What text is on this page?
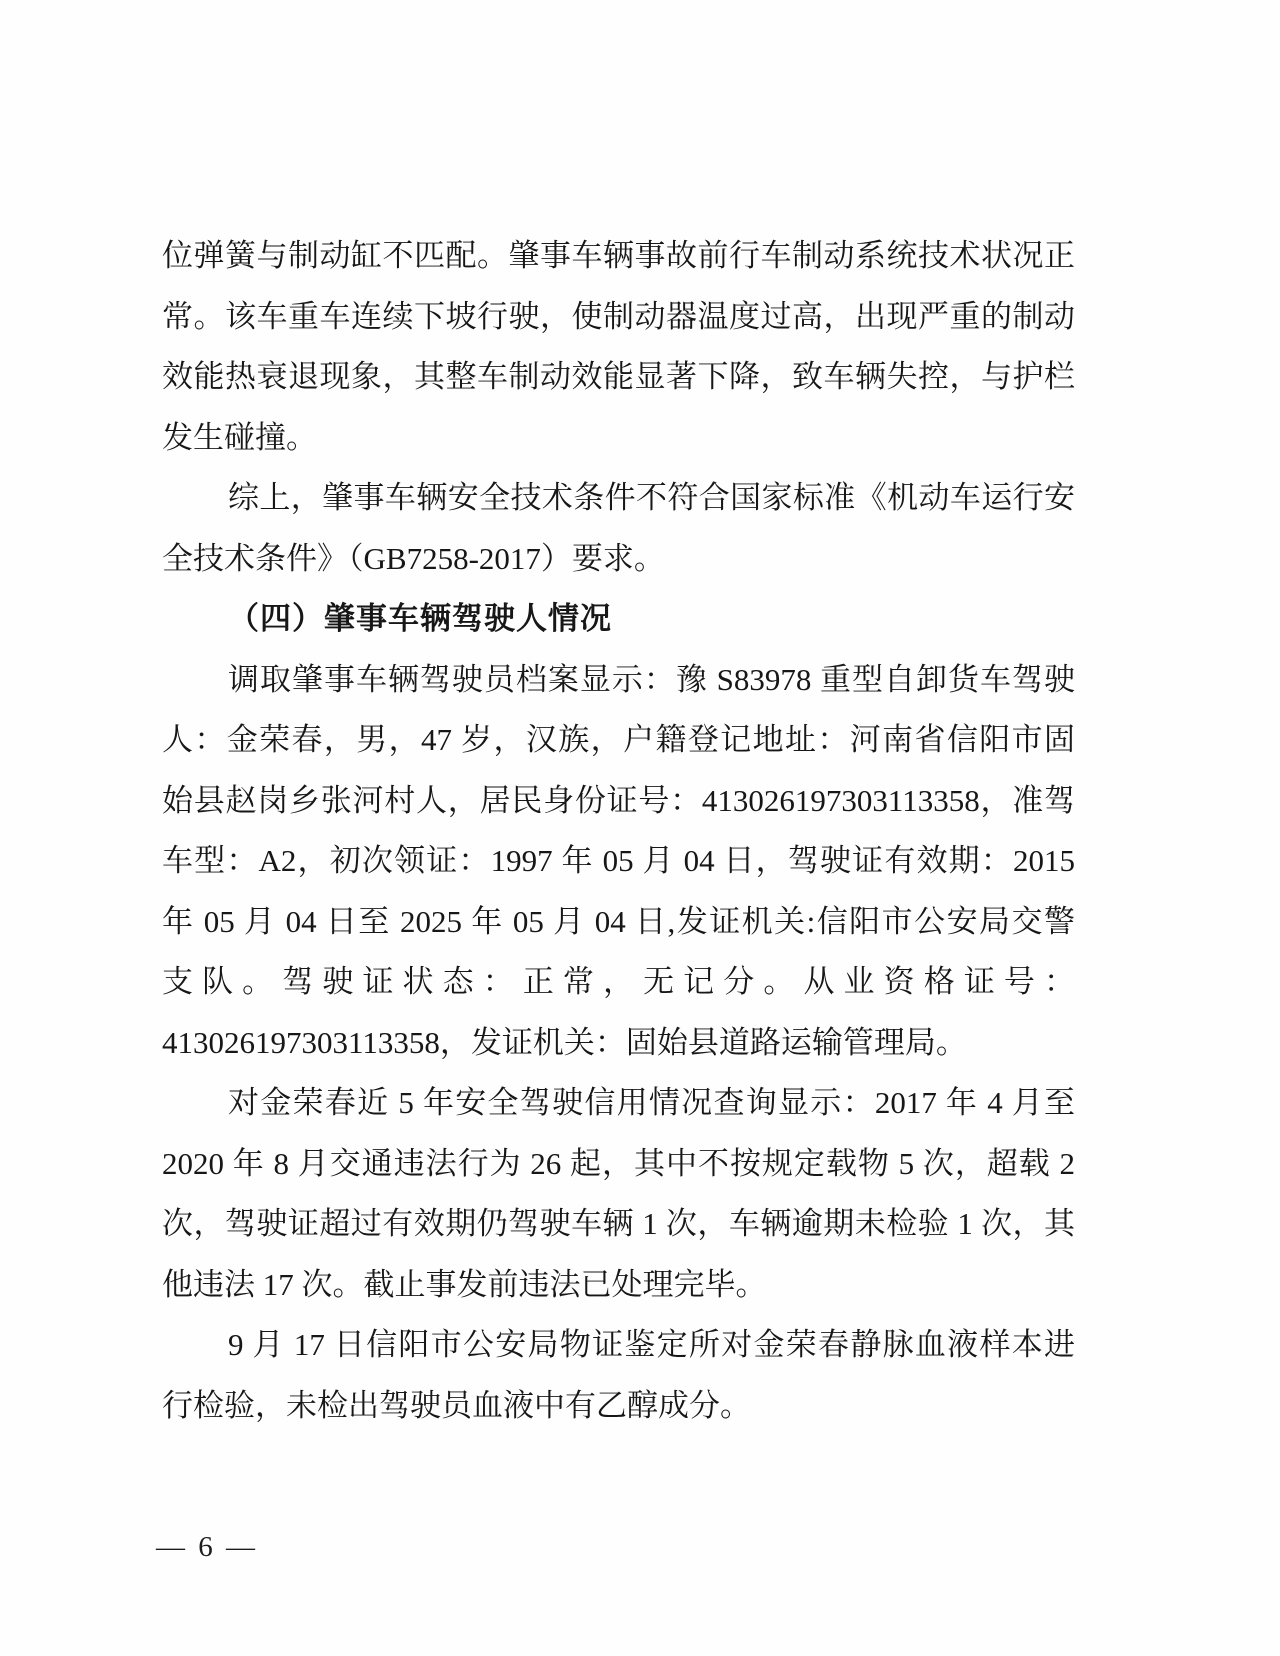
位弹簧与制动缸不匹配。肇事车辆事故前行车制动系统技术状况正
常。该车重车连续下坡行驶，使制动器温度过高，出现严重的制动
效能热衰退现象，其整车制动效能显著下降，致车辆失控，与护栏
发生碰撞。
综上，肇事车辆安全技术条件不符合国家标准《机动车运行安
全技术条件》（GB7258-2017）要求。
（四）肇事车辆驾驶人情况
调取肇事车辆驾驶员档案显示：豫 S83978 重型自卸货车驾驶
人：金荣春，男，47 岁，汉族，户籍登记地址：河南省信阳市固
始县赵岗乡张河村人，居民身份证号：413026197303113358，准驾
车型：A2，初次领证：1997 年 05 月 04 日，驾驶证有效期：2015
年 05 月 04 日至 2025 年 05 月 04 日,发证机关:信阳市公安局交警
支队。驾驶证状态：正常，无记分。从业资格证号：
413026197303113358，发证机关：固始县道路运输管理局。
对金荣春近 5 年安全驾驶信用情况查询显示：2017 年 4 月至
2020 年 8 月交通违法行为 26 起，其中不按规定载物 5 次，超载 2
次，驾驶证超过有效期仍驾驶车辆 1 次，车辆逾期未检验 1 次，其
他违法 17 次。截止事发前违法已处理完毕。
9 月 17 日信阳市公安局物证鉴定所对金荣春静脉血液样本进
行检验，未检出驾驶员血液中有乙醇成分。
— 6 —
